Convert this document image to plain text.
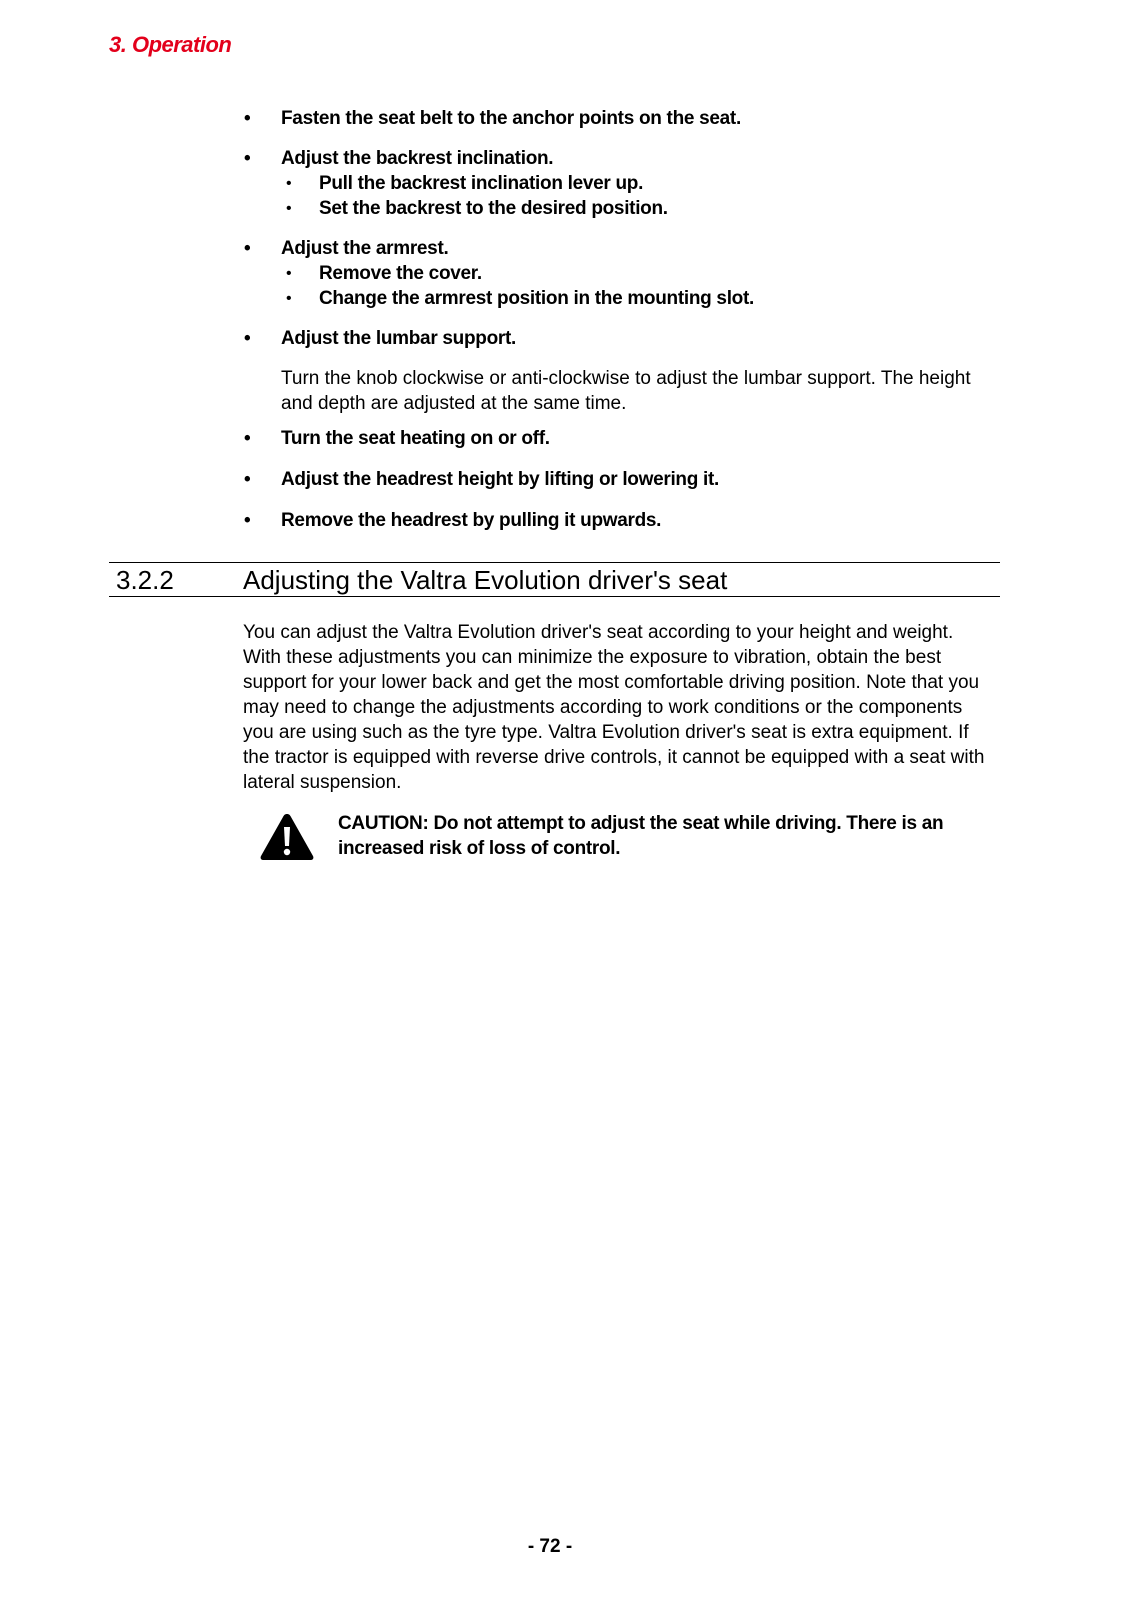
3. Operation
•	Fasten the seat belt to the anchor points on the seat.
•	Adjust the backrest inclination.
• Pull the backrest inclination lever up.
• Set the backrest to the desired position.
•	Adjust the armrest.
• Remove the cover.
• Change the armrest position in the mounting slot.
•	Adjust the lumbar support.
Turn the knob clockwise or anti-clockwise to adjust the lumbar support. The height and depth are adjusted at the same time.
•	Turn the seat heating on or off.
•	Adjust the headrest height by lifting or lowering it.
•	Remove the headrest by pulling it upwards.
3.2.2	Adjusting the Valtra Evolution driver's seat
You can adjust the Valtra Evolution driver's seat according to your height and weight. With these adjustments you can minimize the exposure to vibration, obtain the best support for your lower back and get the most comfortable driving position. Note that you may need to change the adjustments according to work conditions or the components you are using such as the tyre type. Valtra Evolution driver's seat is extra equipment. If the tractor is equipped with reverse drive controls, it cannot be equipped with a seat with lateral suspension.
CAUTION: Do not attempt to adjust the seat while driving. There is an increased risk of loss of control.
- 72 -
